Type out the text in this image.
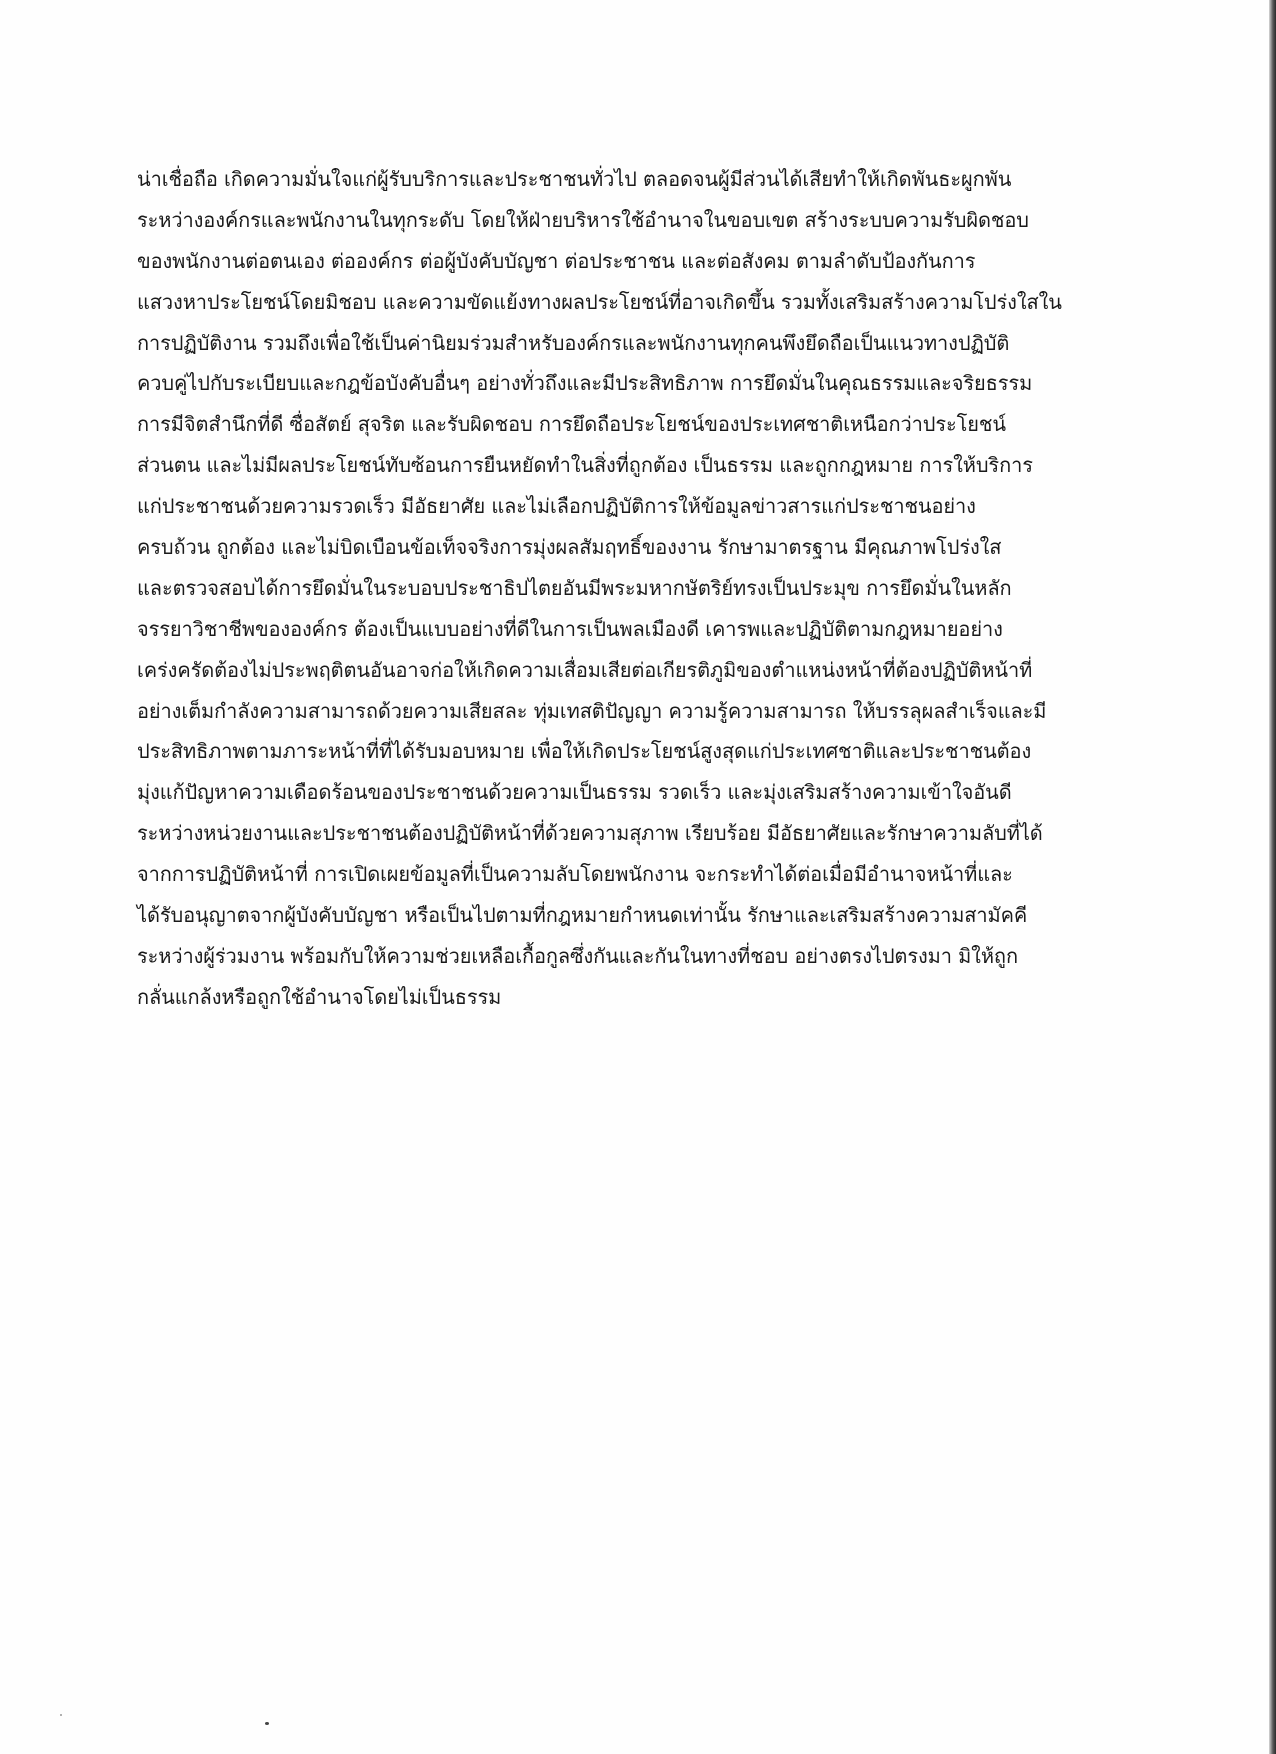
น่าเชื่อถือ เกิดความมั่นใจแก่ผู้รับบริการและประชาชนทั่วไป ตลอดจนผู้มีส่วนได้เสียทำให้เกิดพันธะผูกพัน
ระหว่างองค์กรและพนักงานในทุกระดับ โดยให้ฝ่ายบริหารใช้อำนาจในขอบเขต สร้างระบบความรับผิดชอบ
ของพนักงานต่อตนเอง ต่อองค์กร ต่อผู้บังคับบัญชา ต่อประชาชน และต่อสังคม ตามลำดับป้องกันการ
แสวงหาประโยชน์โดยมิชอบ และความขัดแย้งทางผลประโยชน์ที่อาจเกิดขึ้น รวมทั้งเสริมสร้างความโปร่งใสใน
การปฏิบัติงาน รวมถึงเพื่อใช้เป็นค่านิยมร่วมสำหรับองค์กรและพนักงานทุกคนพึงยึดถือเป็นแนวทางปฏิบัติ
ควบคู่ไปกับระเบียบและกฎข้อบังคับอื่นๆ อย่างทั่วถึงและมีประสิทธิภาพ การยึดมั่นในคุณธรรมและจริยธรรม
การมีจิตสำนึกที่ดี ซื่อสัตย์ สุจริต และรับผิดชอบ การยึดถือประโยชน์ของประเทศชาติเหนือกว่าประโยชน์
ส่วนตน และไม่มีผลประโยชน์ทับซ้อนการยืนหยัดทำในสิ่งที่ถูกต้อง เป็นธรรม และถูกกฎหมาย การให้บริการ
แก่ประชาชนด้วยความรวดเร็ว มีอัธยาศัย และไม่เลือกปฏิบัติการให้ข้อมูลข่าวสารแก่ประชาชนอย่าง
ครบถ้วน ถูกต้อง และไม่บิดเบือนข้อเท็จจริงการมุ่งผลสัมฤทธิ์ของงาน รักษามาตรฐาน มีคุณภาพโปร่งใส
และตรวจสอบได้การยึดมั่นในระบอบประชาธิปไตยอันมีพระมหากษัตริย์ทรงเป็นประมุข การยึดมั่นในหลัก
จรรยาวิชาชีพขององค์กร ต้องเป็นแบบอย่างที่ดีในการเป็นพลเมืองดี เคารพและปฏิบัติตามกฎหมายอย่าง
เคร่งครัดต้องไม่ประพฤติตนอันอาจก่อให้เกิดความเสื่อมเสียต่อเกียรติภูมิของตำแหน่งหน้าที่ต้องปฏิบัติหน้าที่
อย่างเต็มกำลังความสามารถด้วยความเสียสละ ทุ่มเทสติปัญญา ความรู้ความสามารถ ให้บรรลุผลสำเร็จและมี
ประสิทธิภาพตามภาระหน้าที่ที่ได้รับมอบหมาย เพื่อให้เกิดประโยชน์สูงสุดแก่ประเทศชาติและประชาชนต้อง
มุ่งแก้ปัญหาความเดือดร้อนของประชาชนด้วยความเป็นธรรม รวดเร็ว และมุ่งเสริมสร้างความเข้าใจอันดี
ระหว่างหน่วยงานและประชาชนต้องปฏิบัติหน้าที่ด้วยความสุภาพ เรียบร้อย มีอัธยาศัยและรักษาความลับที่ได้
จากการปฏิบัติหน้าที่ การเปิดเผยข้อมูลที่เป็นความลับโดยพนักงาน จะกระทำได้ต่อเมื่อมีอำนาจหน้าที่และ
ได้รับอนุญาตจากผู้บังคับบัญชา หรือเป็นไปตามที่กฎหมายกำหนดเท่านั้น รักษาและเสริมสร้างความสามัคคี
ระหว่างผู้ร่วมงาน พร้อมกับให้ความช่วยเหลือเกื้อกูลซึ่งกันและกันในทางที่ชอบ อย่างตรงไปตรงมา มิให้ถูก
กลั่นแกล้งหรือถูกใช้อำนาจโดยไม่เป็นธรรม
